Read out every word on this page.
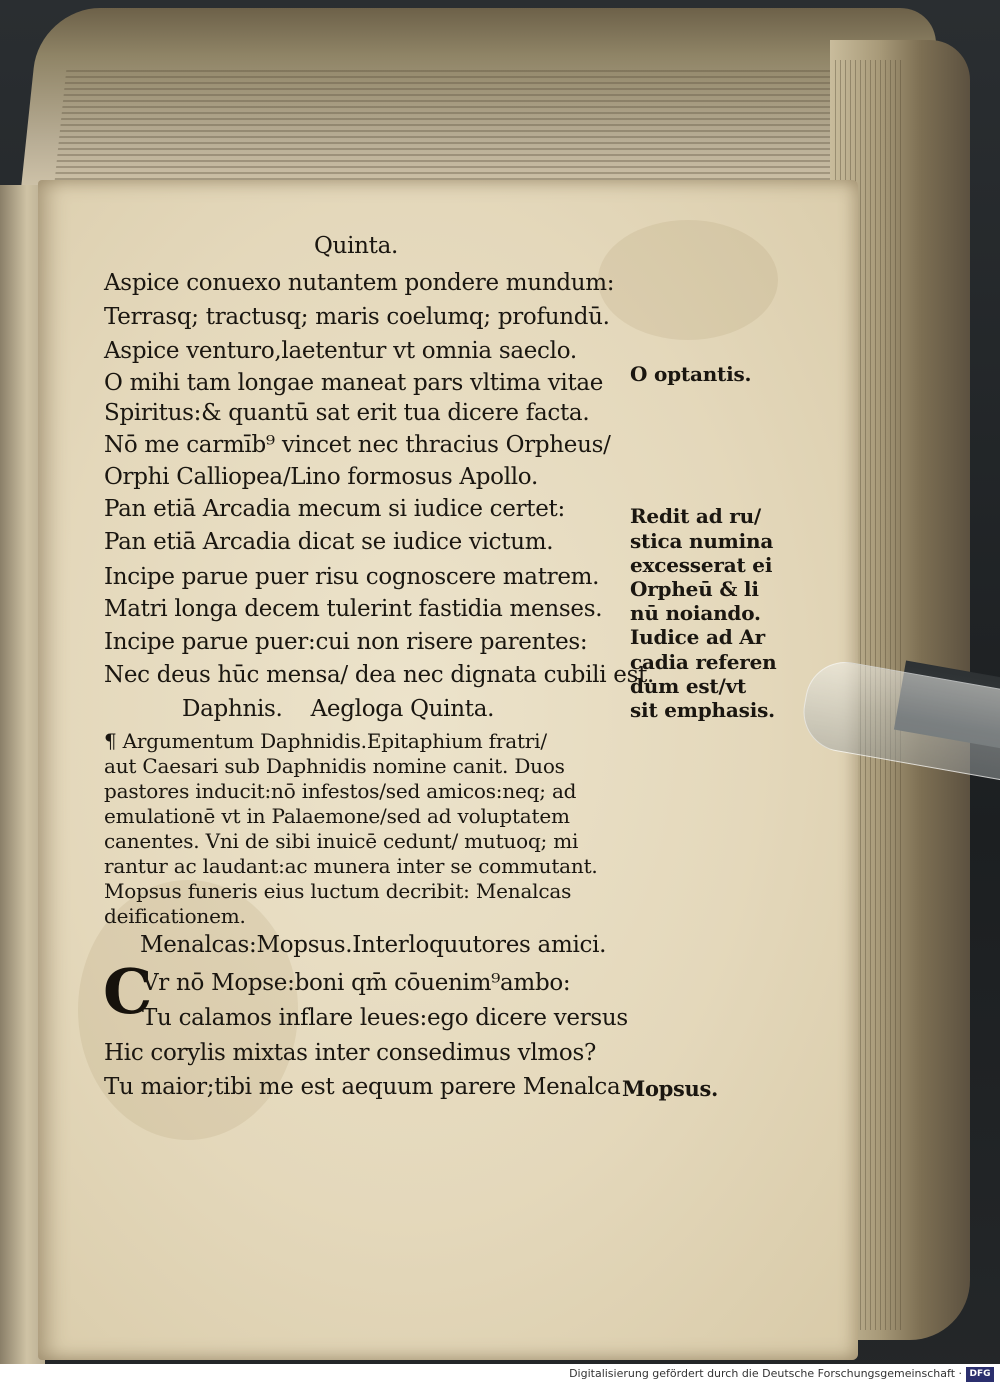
Quinta.
Aspice conuexo nutantem pondere mundum:
Terrasq; tractusq; maris coelumq; profundū.
Aspice venturo,laetentur vt omnia saeclo.
O mihi tam longae maneat pars vltima vitae
Spiritus:& quantū sat erit tua dicere facta.
Nō me carmīb⁹ vincet nec thracius Orpheus/
Orphi Calliopea/Lino formosus Apollo.
Pan etiā Arcadia mecum si iudice certet:
Pan etiā Arcadia dicat se iudice victum.
Incipe parue puer risu cognoscere matrem.
Matri longa decem tulerint fastidia menses.
Incipe parue puer:cui non risere parentes:
Nec deus hūc mensa/ dea nec dignata cubili est.
Daphnis.    Aegloga Quinta.
¶ Argumentum Daphnidis.Epitaphium fratri/
aut Caesari sub Daphnidis nomine canit. Duos
pastores inducit:nō infestos/sed amicos:neq; ad
emulationē vt in Palaemone/sed ad voluptatem
canentes. Vni de sibi inuicē cedunt/ mutuoq; mi
rantur ac laudant:ac munera inter se commutant.
Mopsus funeris eius luctum decribit: Menalcas
deificationem.
Menalcas:Mopsus.Interloquutores amici.
C
Vr nō Mopse:boni qm̄ cōuenim⁹ambo:
Tu calamos inflare leues:ego dicere versus
Hic corylis mixtas inter consedimus vlmos?
Tu maior;tibi me est aequum parere Menalca Mopsus.
O optantis.
Redit ad ru/
stica numina
excesserat ei
Orpheū & li
nū noiando.
Iudice ad Ar
cadia referen
dum est/vt
sit emphasis.
Digitalisierung gefördert durch die Deutsche Forschungsgemeinschaft · DFG
